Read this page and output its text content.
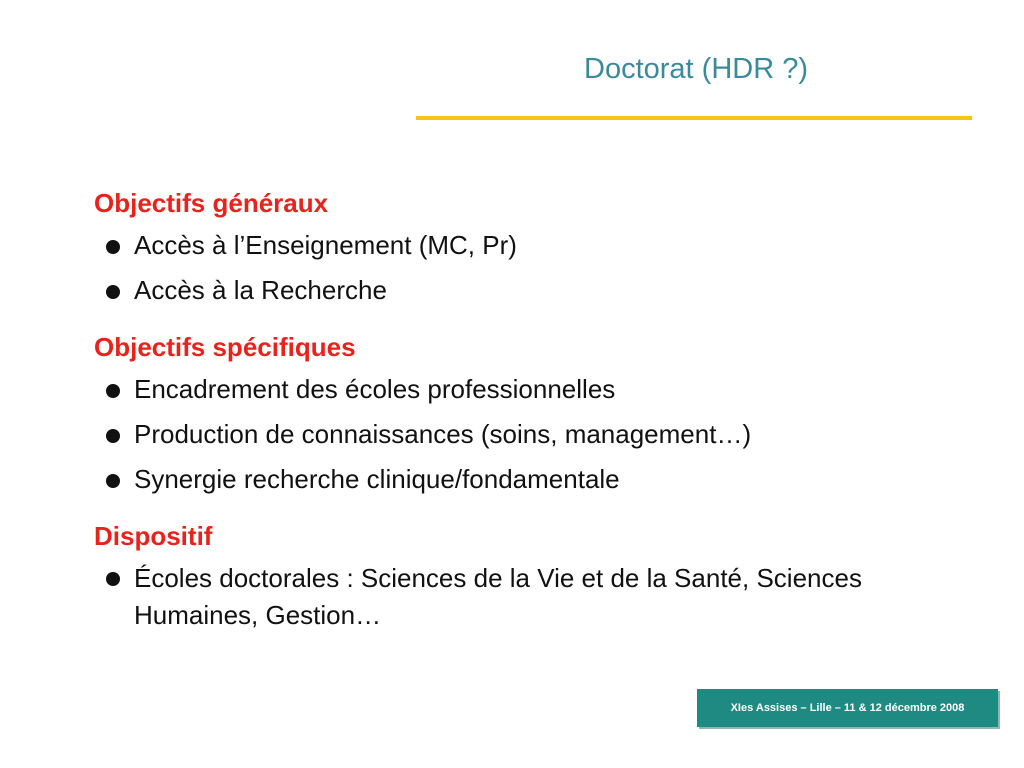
Doctorat (HDR ?)
Objectifs généraux
Accès à l’Enseignement (MC, Pr)
Accès à la Recherche
Objectifs spécifiques
Encadrement des écoles professionnelles
Production de connaissances (soins, management…)
Synergie recherche clinique/fondamentale
Dispositif
Écoles doctorales : Sciences de la Vie et de la Santé, Sciences Humaines, Gestion…
XIes Assises – Lille – 11 & 12 décembre 2008
